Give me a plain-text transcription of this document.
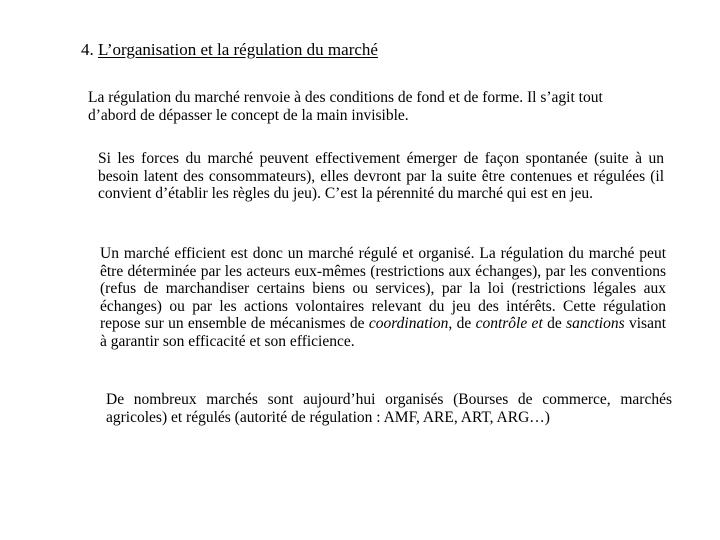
4. L’organisation et la régulation du marché

La régulation du marché renvoie à des conditions de fond et de forme. Il s’agit tout d’abord de dépasser le concept de la main invisible.

Si les forces du marché peuvent effectivement émerger de façon spontanée (suite à un besoin latent des consommateurs), elles devront par la suite être contenues et régulées (il convient d’établir les règles du jeu). C’est la pérennité du marché qui est en jeu.

Un marché efficient est donc un marché régulé et organisé. La régulation du marché peut être déterminée par les acteurs eux-mêmes (restrictions aux échanges), par les conventions (refus de marchandiser certains biens ou services), par la loi (restrictions légales aux échanges) ou par les actions volontaires relevant du jeu des intérêts. Cette régulation repose sur un ensemble de mécanismes de coordination, de contrôle et de sanctions visant à garantir son efficacité et son efficience.

De nombreux marchés sont aujourd’hui organisés (Bourses de commerce, marchés agricoles) et régulés (autorité de régulation : AMF, ARE, ART, ARG…)
